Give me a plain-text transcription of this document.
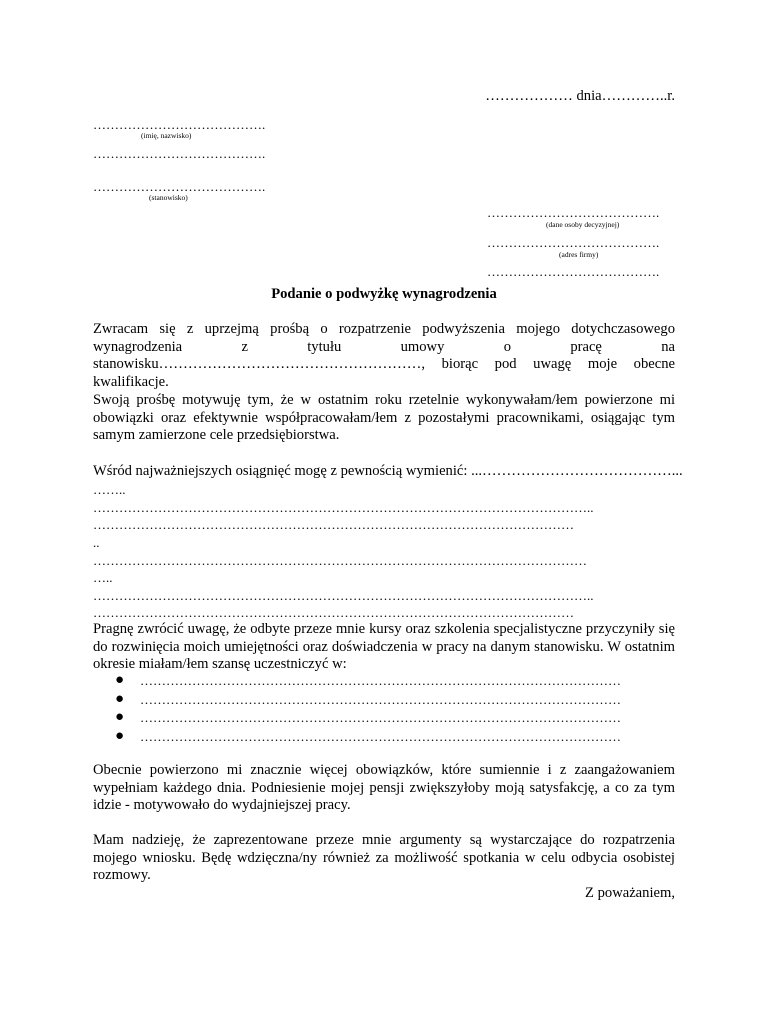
……………… dnia…………..r.
………………………………….
(imię, nazwisko)
………………………………….
………………………………….
(stanowisko)
………………………………….
(dane osoby decyzyjnej)
………………………………….
(adres firmy)
………………………………….
Podanie o podwyżkę wynagrodzenia
Zwracam się z uprzejmą prośbą o rozpatrzenie podwyższenia mojego dotychczasowego wynagrodzenia z tytułu umowy o pracę na stanowisku………………………………………………, biorąc pod uwagę moje obecne kwalifikacje.
Swoją prośbę motywuję tym, że w ostatnim roku rzetelnie wykonywałam/łem powierzone mi obowiązki oraz efektywnie współpracowałam/łem z pozostałymi pracownikami, osiągając tym samym zamierzone cele przedsiębiorstwa.
Wśród najważniejszych osiągnięć mogę z pewnością wymienić: ...…………………………………...
……..
……………………………………………………………………………………………………..
…………………………………………………………………………………………………
..
……………………………………………………………………………………………………
…..
……………………………………………………………………………………………………..
…………………………………………………………………………………………………
Pragnę zwrócić uwagę, że odbyte przeze mnie kursy oraz szkolenia specjalistyczne przyczyniły się do rozwinięcia moich umiejętności oraz doświadczenia w pracy na danym stanowisku. W ostatnim okresie miałam/łem szansę uczestniczyć w:
● …………………………………………………………………………………………………
● …………………………………………………………………………………………………
● …………………………………………………………………………………………………
● …………………………………………………………………………………………………
Obecnie powierzono mi znacznie więcej obowiązków, które sumiennie i z zaangażowaniem wypełniam każdego dnia. Podniesienie mojej pensji zwiększyłoby moją satysfakcję, a co za tym idzie - motywowało do wydajniejszej pracy.
Mam nadzieję, że zaprezentowane przeze mnie argumenty są wystarczające do rozpatrzenia mojego wniosku. Będę wdzięczna/ny również za możliwość spotkania w celu odbycia osobistej rozmowy.
Z poważaniem,
